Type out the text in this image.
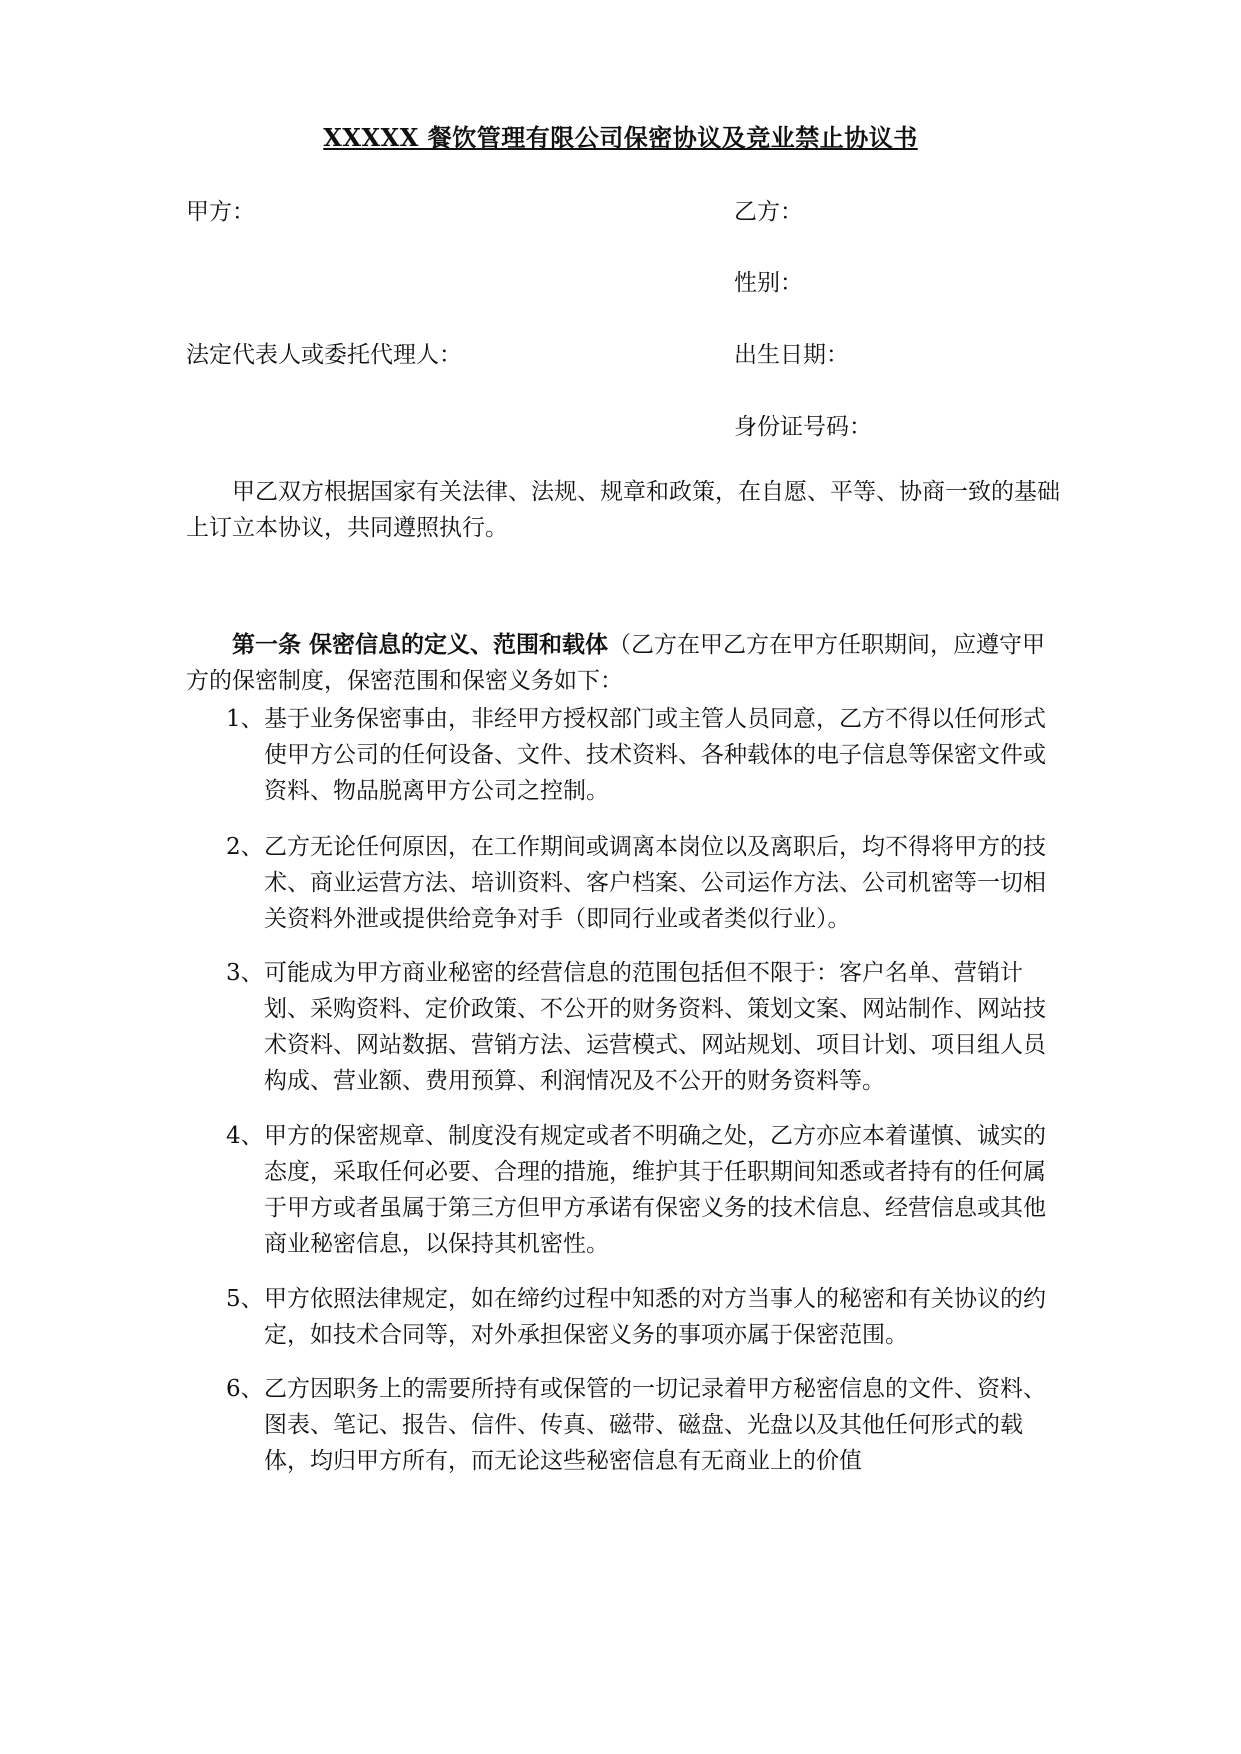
XXXXX 餐饮管理有限公司保密协议及竞业禁止协议书
甲方：	乙方：
性别：
法定代表人或委托代理人：	出生日期：
身份证号码：
甲乙双方根据国家有关法律、法规、规章和政策，在自愿、平等、协商一致的基础上订立本协议，共同遵照执行。
第一条 保密信息的定义、范围和载体（乙方在甲乙方在甲方任职期间，应遵守甲方的保密制度，保密范围和保密义务如下：
1、 基于业务保密事由，非经甲方授权部门或主管人员同意，乙方不得以任何形式使甲方公司的任何设备、文件、技术资料、各种载体的电子信息等保密文件或资料、物品脱离甲方公司之控制。
2、 乙方无论任何原因，在工作期间或调离本岗位以及离职后，均不得将甲方的技术、商业运营方法、培训资料、客户档案、公司运作方法、公司机密等一切相关资料外泄或提供给竞争对手（即同行业或者类似行业）。
3、 可能成为甲方商业秘密的经营信息的范围包括但不限于：客户名单、营销计划、采购资料、定价政策、不公开的财务资料、策划文案、网站制作、网站技术资料、网站数据、营销方法、运营模式、网站规划、项目计划、项目组人员构成、营业额、费用预算、利润情况及不公开的财务资料等。
4、 甲方的保密规章、制度没有规定或者不明确之处，乙方亦应本着谨慎、诚实的态度，采取任何必要、合理的措施，维护其于任职期间知悉或者持有的任何属于甲方或者虽属于第三方但甲方承诺有保密义务的技术信息、经营信息或其他商业秘密信息，以保持其机密性。
5、 甲方依照法律规定，如在缔约过程中知悉的对方当事人的秘密和有关协议的约定，如技术合同等，对外承担保密义务的事项亦属于保密范围。
6、 乙方因职务上的需要所持有或保管的一切记录着甲方秘密信息的文件、资料、图表、笔记、报告、信件、传真、磁带、磁盘、光盘以及其他任何形式的载体，均归甲方所有，而无论这些秘密信息有无商业上的价值
